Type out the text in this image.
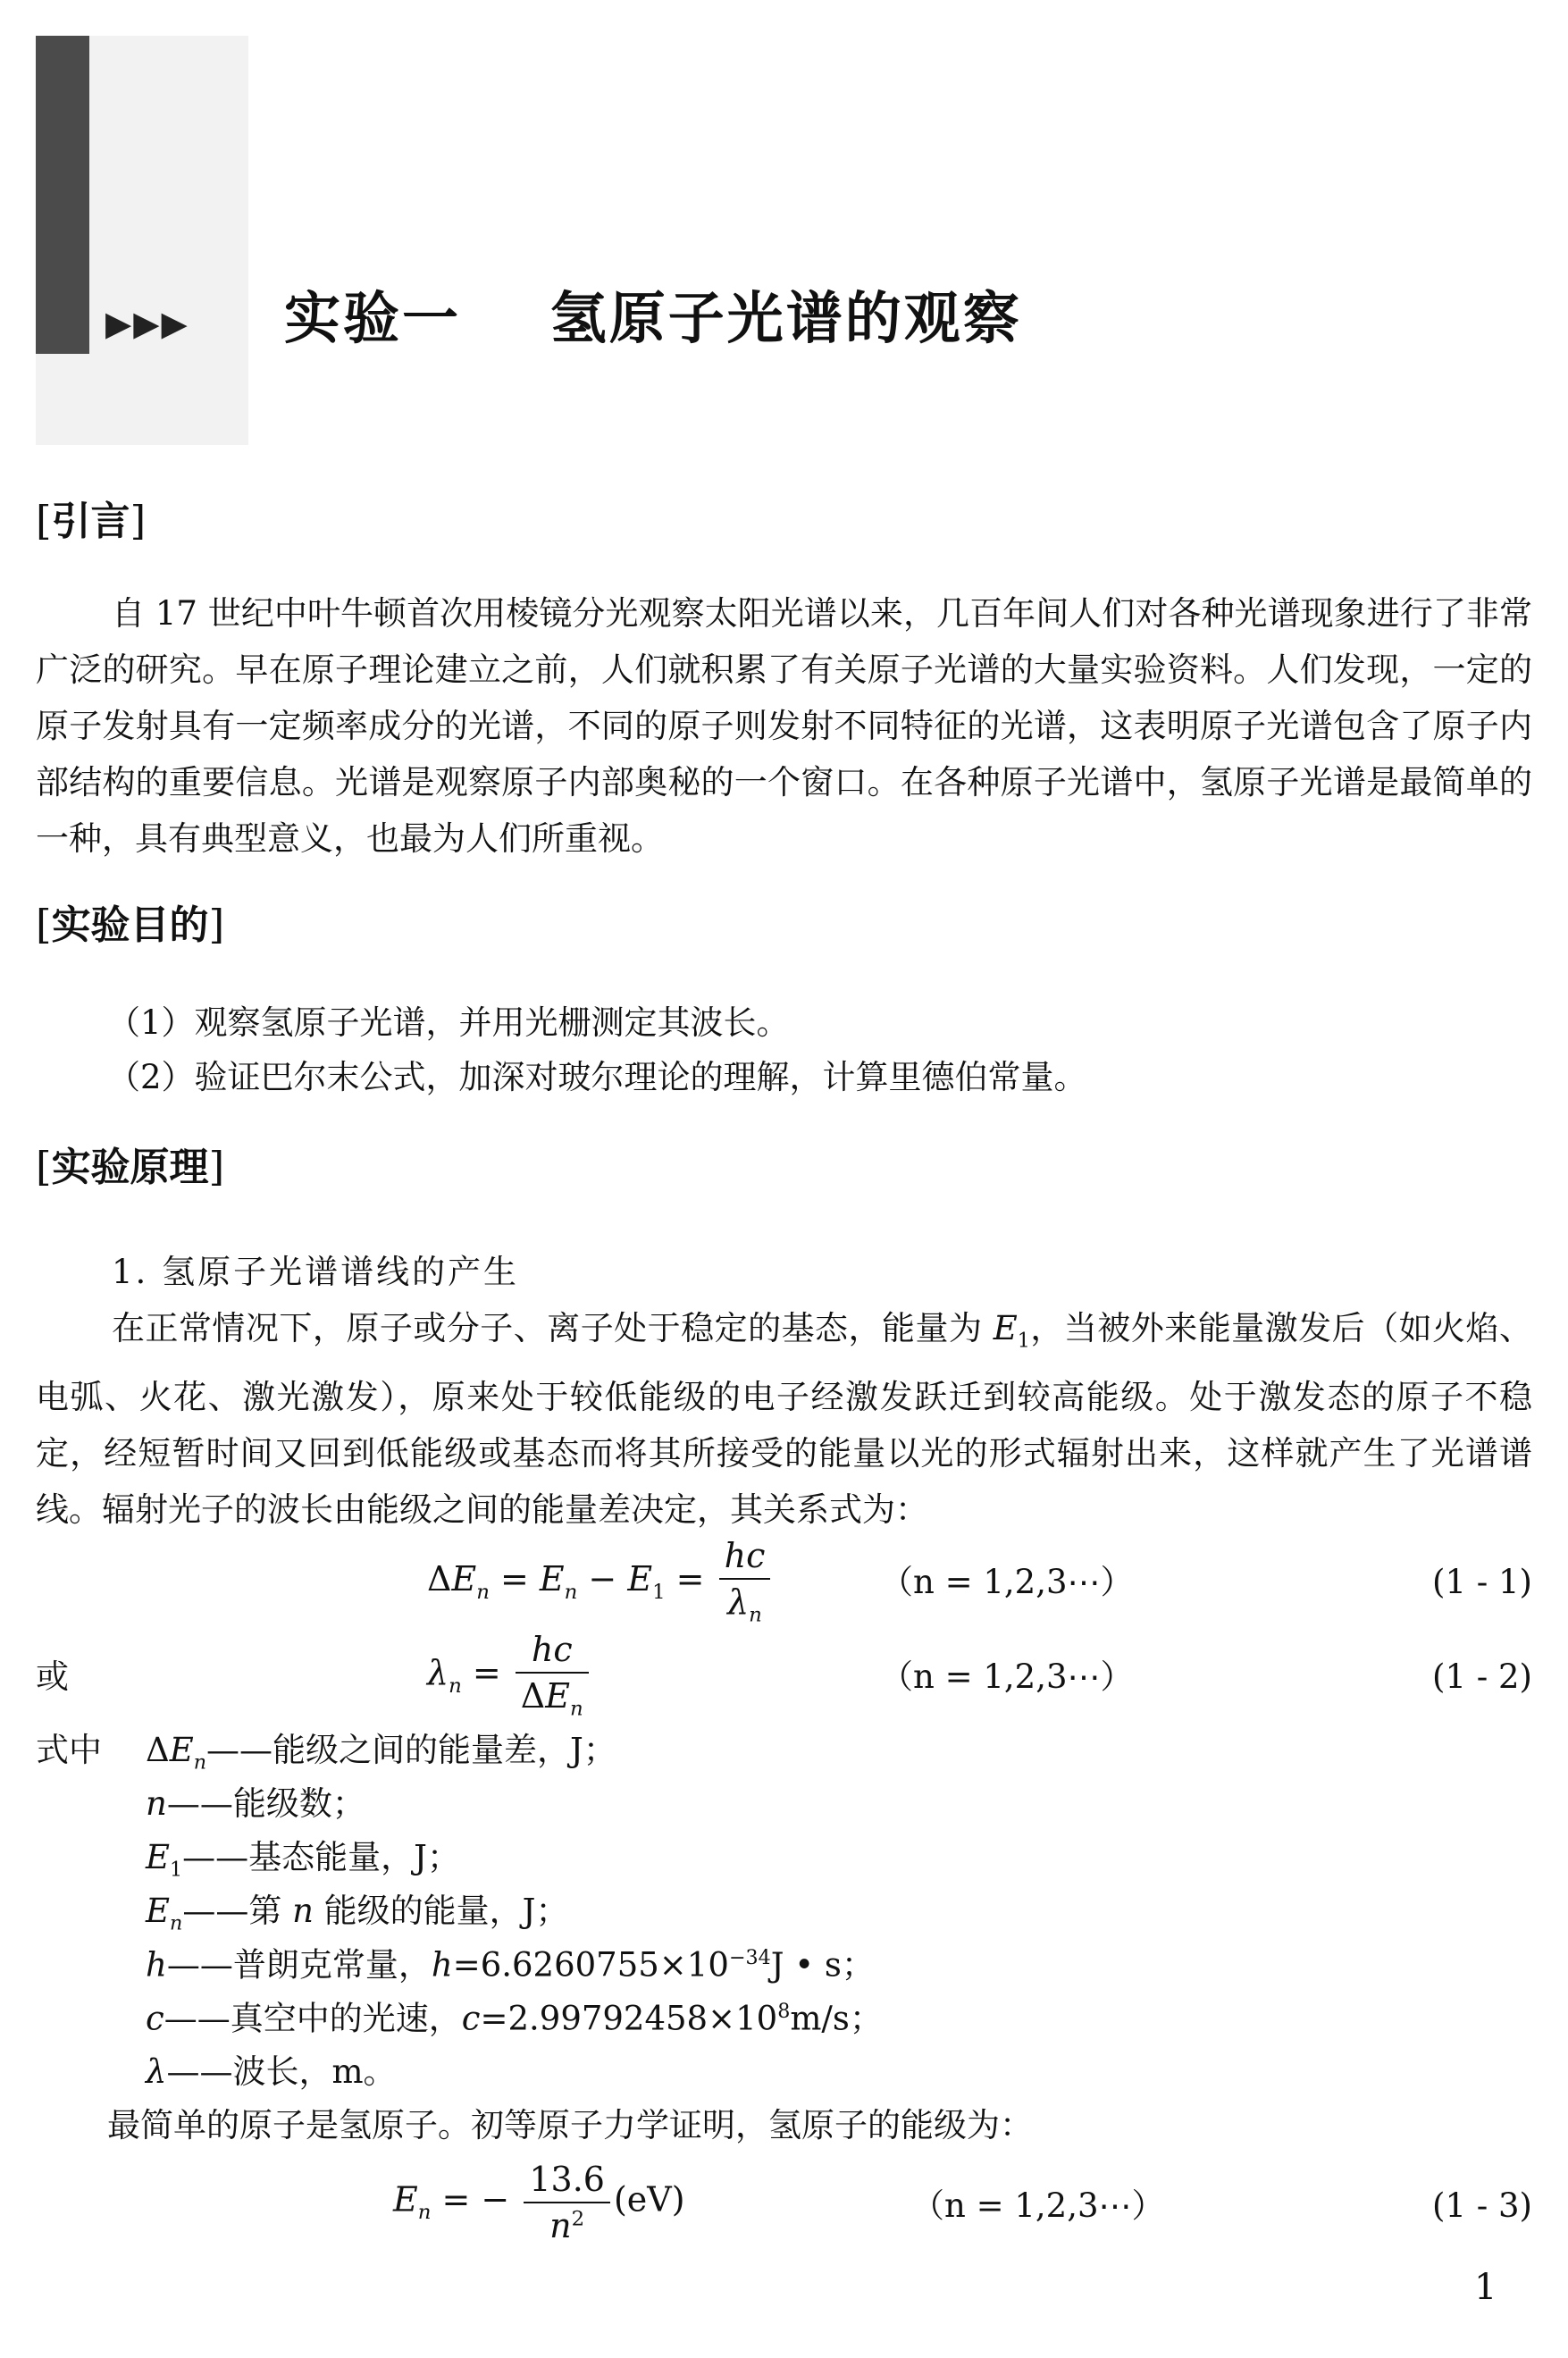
▶▶▶ 实验一 氢原子光谱的观察
[引言]

自 17 世纪中叶牛顿首次用棱镜分光观察太阳光谱以来，几百年间人们对各种光谱现象进行了非常广泛的研究。早在原子理论建立之前，人们就积累了有关原子光谱的大量实验资料。人们发现，一定的原子发射具有一定频率成分的光谱，不同的原子则发射不同特征的光谱，这表明原子光谱包含了原子内部结构的重要信息。光谱是观察原子内部奥秘的一个窗口。在各种原子光谱中，氢原子光谱是最简单的一种，具有典型意义，也最为人们所重视。

[实验目的]
（1）观察氢原子光谱，并用光栅测定其波长。
（2）验证巴尔末公式，加深对玻尔理论的理解，计算里德伯常量。
[实验原理]
1. 氢原子光谱谱线的产生

在正常情况下，原子或分子、离子处于稳定的基态，能量为 $E_1$，当被外来能量激发后（如火焰、电弧、火花、激光激发），原来处于较低能级的电子经激发跃迁到较高能级。处于激发态的原子不稳定，经短暂时间又回到低能级或基态而将其所接受的能量以光的形式辐射出来，这样就产生了光谱谱线。辐射光子的波长由能级之间的能量差决定，其关系式为：

$\Delta E_n = E_n - E_1 = \frac{hc}{\lambda_n}$	（n = 1,2,3⋯）	(1 - 1)
或	$\lambda_n = \frac{hc}{\Delta E_n}$	（n = 1,2,3⋯）	(1 - 2)
式中 $\Delta E_n——$能级之间的能量差，J；
n——能级数；
$E_1——$基态能量，J；
$E_n——$第 n 能级的能量，J；
h——普朗克常量，$h=6.6260755\times 10^{-34}J$ • s；
c——真空中的光速，$c=2.99792458\times 10^8m/s$；
λ——波长，m。
最简单的原子是氢原子。初等原子力学证明，氢原子的能级为：
$E_n$ = − $\frac{13.6}{n^2} (eV)$	（n = 1,2,3⋯）	(1 - 3)
1
